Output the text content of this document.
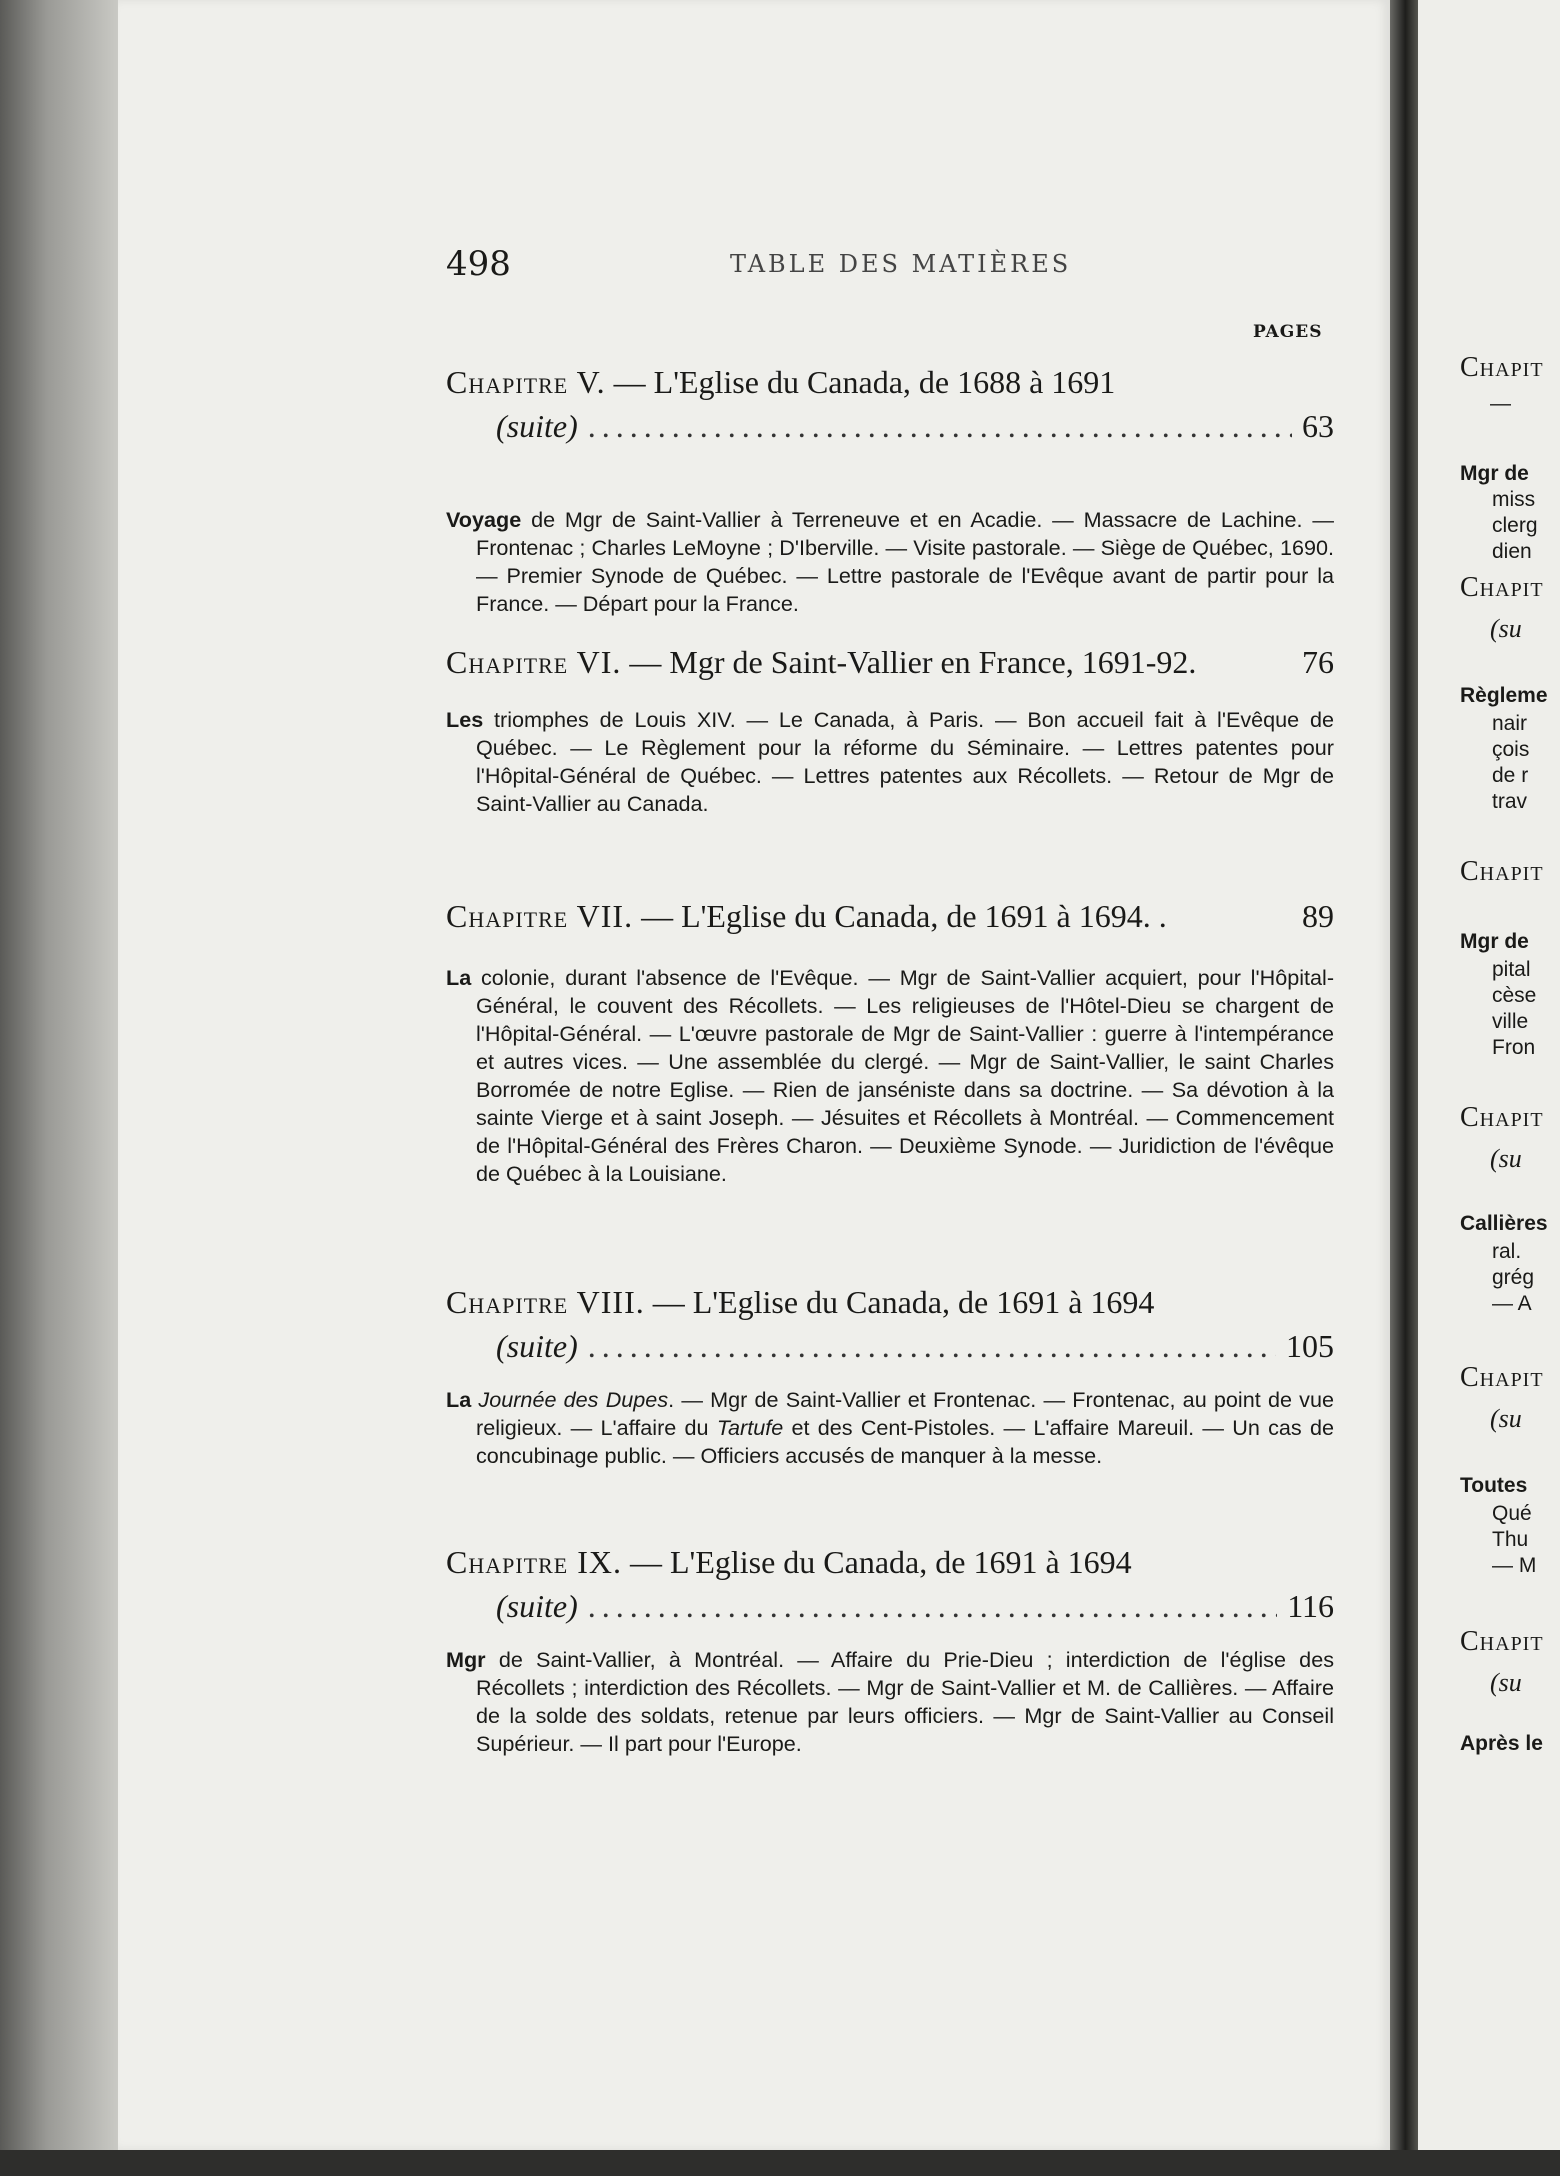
498	TABLE DES MATIÈRES
PAGES
Chapitre V. — L'Eglise du Canada, de 1688 à 1691
(suite) .....	63
Voyage de Mgr de Saint-Vallier à Terreneuve et en Acadie. — Massacre de Lachine. — Frontenac ; Charles LeMoyne ; D'Iberville. — Visite pastorale. — Siège de Québec, 1690. — Premier Synode de Québec. — Lettre pastorale de l'Evêque avant de partir pour la France. — Départ pour la France.
Chapitre VI. — Mgr de Saint-Vallier en France, 1691-92.	76
Les triomphes de Louis XIV. — Le Canada, à Paris. — Bon accueil fait à l'Evêque de Québec. — Le Règlement pour la réforme du Séminaire. — Lettres patentes pour l'Hôpital-Général de Québec. — Lettres patentes aux Récollets. — Retour de Mgr de Saint-Vallier au Canada.
Chapitre VII. — L'Eglise du Canada, de 1691 à 1694. .	89
La colonie, durant l'absence de l'Evêque. — Mgr de Saint-Vallier acquiert, pour l'Hôpital-Général, le couvent des Récollets. — Les religieuses de l'Hôtel-Dieu se chargent de l'Hôpital-Général. — L'œuvre pastorale de Mgr de Saint-Vallier : guerre à l'intempérance et autres vices. — Une assemblée du clergé. — Mgr de Saint-Vallier, le saint Charles Borromée de notre Eglise. — Rien de janséniste dans sa doctrine. — Sa dévotion à la sainte Vierge et à saint Joseph. — Jésuites et Récollets à Montréal. — Commencement de l'Hôpital-Général des Frères Charon. — Deuxième Synode. — Juridiction de l'évêque de Québec à la Louisiane.
Chapitre VIII. — L'Eglise du Canada, de 1691 à 1694
(suite) .....	105
La Journée des Dupes. — Mgr de Saint-Vallier et Frontenac. — Frontenac, au point de vue religieux. — L'affaire du Tartufe et des Cent-Pistoles. — L'affaire Mareuil. — Un cas de concubinage public. — Officiers accusés de manquer à la messe.
Chapitre IX. — L'Eglise du Canada, de 1691 à 1694
(suite) .....	116
Mgr de Saint-Vallier, à Montréal. — Affaire du Prie-Dieu ; interdiction de l'église des Récollets ; interdiction des Récollets. — Mgr de Saint-Vallier et M. de Callières. — Affaire de la solde des soldats, retenue par leurs officiers. — Mgr de Saint-Vallier au Conseil Supérieur. — Il part pour l'Europe.
Chapit
—
Mgr de
miss
clerg
dien
Chapit
(su
Règleme
nair
çois
de r
trav
Chapit
Mgr de
pital
cèse
ville
Fron
Chapit
(su
Callières
ral.
grég
— A
Chapit
(su
Toutes
Qué
Thu
— M
Chapit
(su
Après le
